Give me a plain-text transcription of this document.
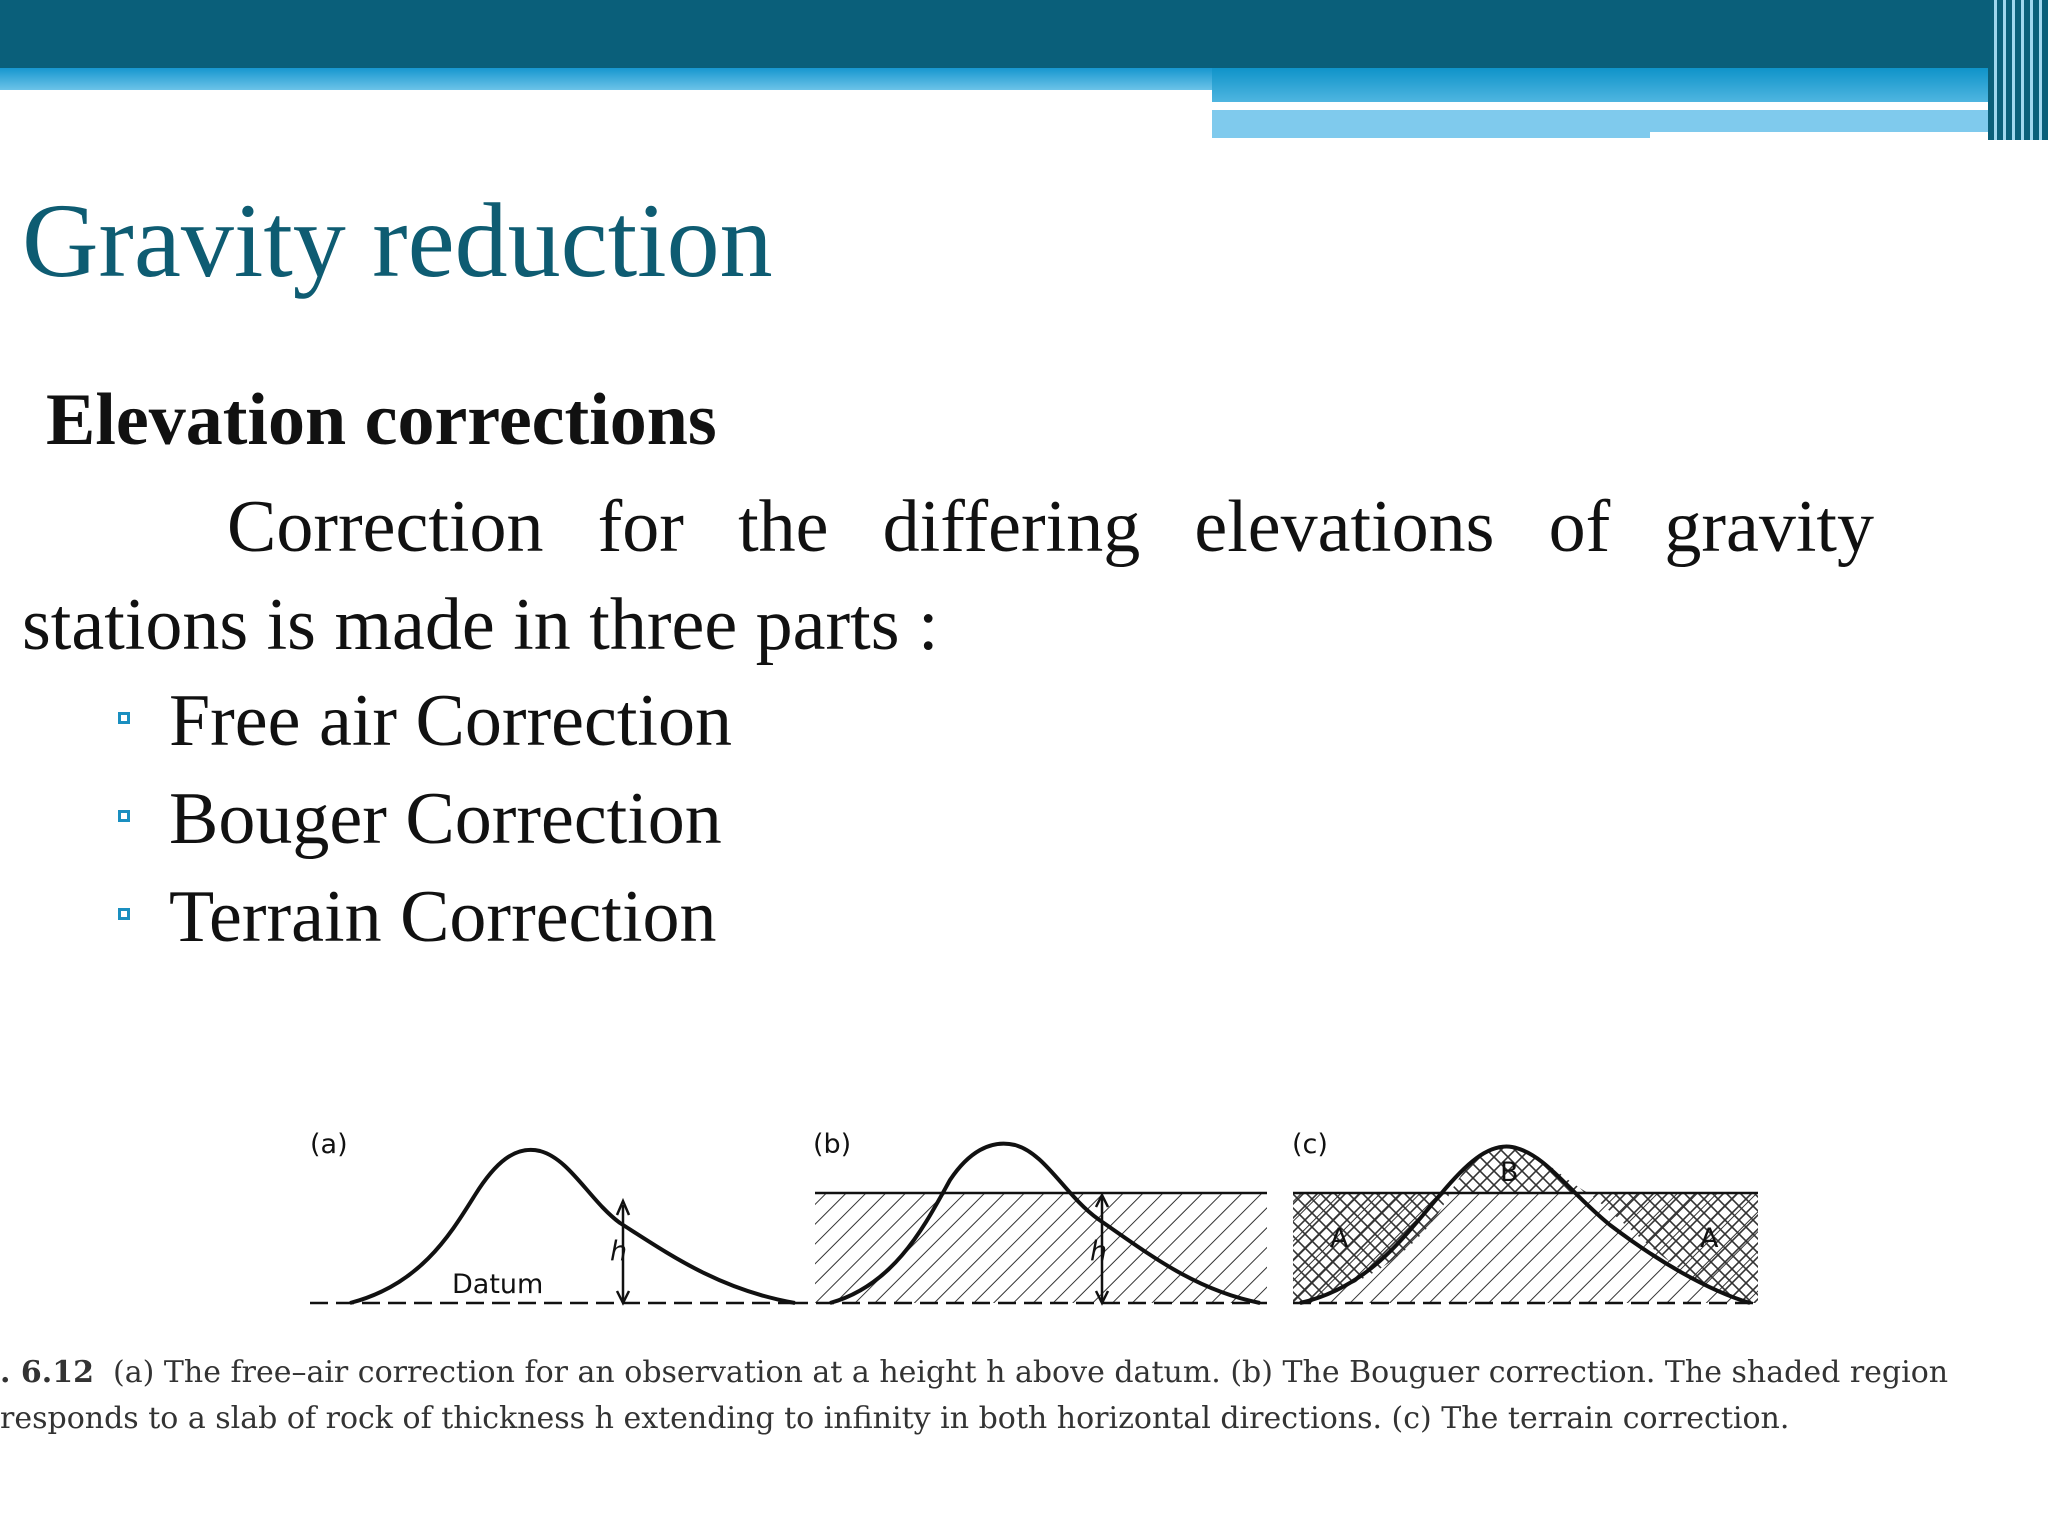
Gravity reduction
Elevation corrections

Correction for the differing elevations of gravity stations is made in three parts :

Free air Correction
Bouger Correction
Terrain Correction
(a)
h
Datum
(b)
h
(c)
A	A
B
. 6.12 (a) The free–air correction for an observation at a height h above datum. (b) The Bouguer correction. The shaded region
responds to a slab of rock of thickness h extending to infinity in both horizontal directions. (c) The terrain correction.
